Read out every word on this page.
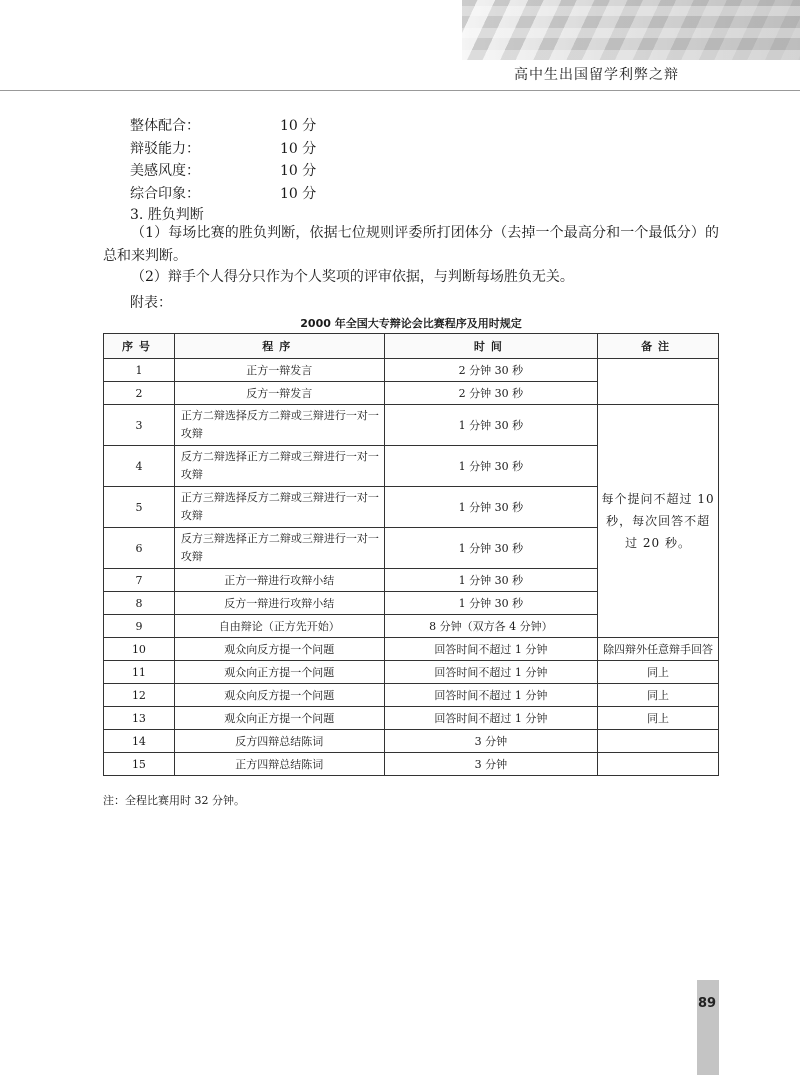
高中生出国留学利弊之辩
整体配合：	10 分
辩驳能力：	10 分
美感风度：	10 分
综合印象：	10 分
3. 胜负判断
（1）每场比赛的胜负判断，依据七位规则评委所打团体分（去掉一个最高分和一个最低分）的总和来判断。
（2）辩手个人得分只作为个人奖项的评审依据，与判断每场胜负无关。
附表：
2000 年全国大专辩论会比赛程序及用时规定
序号	程序	时间	备注
1	正方一辩发言	2 分钟 30 秒	
2	反方一辩发言	2 分钟 30 秒	
3	正方二辩选择反方二辩或三辩进行一对一攻辩	1 分钟 30 秒	每个提问不超过 10 秒，每次回答不超过 20 秒。
4	反方二辩选择正方二辩或三辩进行一对一攻辩	1 分钟 30 秒	
5	正方三辩选择反方二辩或三辩进行一对一攻辩	1 分钟 30 秒	
6	反方三辩选择正方二辩或三辩进行一对一攻辩	1 分钟 30 秒	
7	正方一辩进行攻辩小结	1 分钟 30 秒	
8	反方一辩进行攻辩小结	1 分钟 30 秒	
9	自由辩论（正方先开始）	8 分钟（双方各 4 分钟）	
10	观众向反方提一个问题	回答时间不超过 1 分钟	除四辩外任意辩手回答
11	观众向正方提一个问题	回答时间不超过 1 分钟	同上
12	观众向反方提一个问题	回答时间不超过 1 分钟	同上
13	观众向正方提一个问题	回答时间不超过 1 分钟	同上
14	反方四辩总结陈词	3 分钟	
15	正方四辩总结陈词	3 分钟	
注：全程比赛用时 32 分钟。
89
